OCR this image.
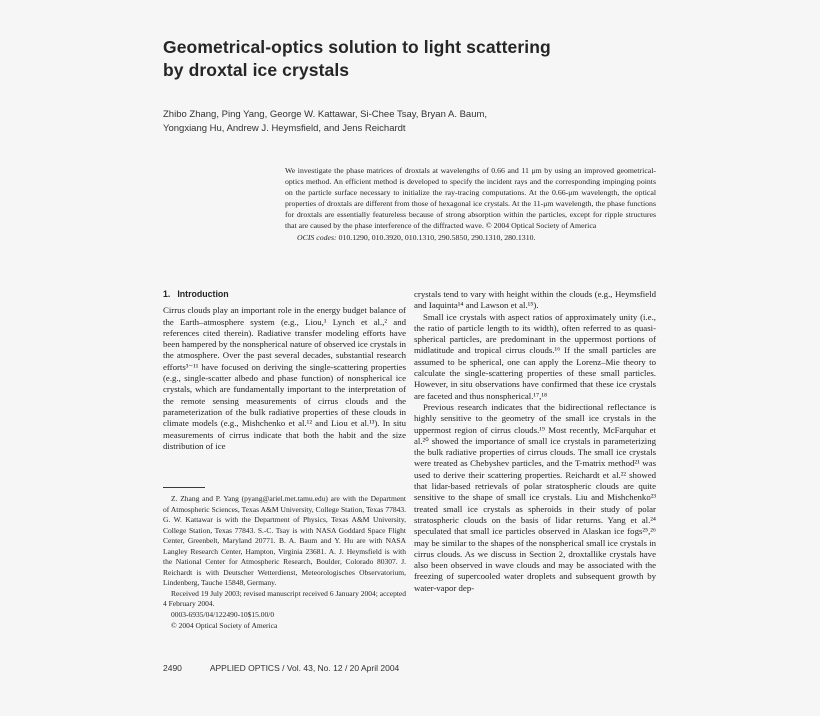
Geometrical-optics solution to light scattering
by droxtal ice crystals
Zhibo Zhang, Ping Yang, George W. Kattawar, Si-Chee Tsay, Bryan A. Baum,
Yongxiang Hu, Andrew J. Heymsfield, and Jens Reichardt
We investigate the phase matrices of droxtals at wavelengths of 0.66 and 11 μm by using an improved geometrical-optics method. An efficient method is developed to specify the incident rays and the corresponding impinging points on the particle surface necessary to initialize the ray-tracing computations. At the 0.66-μm wavelength, the optical properties of droxtals are different from those of hexagonal ice crystals. At the 11-μm wavelength, the phase functions for droxtals are essentially featureless because of strong absorption within the particles, except for ripple structures that are caused by the phase interference of the diffracted wave. © 2004 Optical Society of America
OCIS codes: 010.1290, 010.3920, 010.1310, 290.5850, 290.1310, 280.1310.
1. Introduction

Cirrus clouds play an important role in the energy budget balance of the Earth–atmosphere system (e.g., Liou,¹ Lynch et al.,² and references cited therein). Radiative transfer modeling efforts have been hampered by the nonspherical nature of observed ice crystals in the atmosphere. Over the past several decades, substantial research efforts³⁻¹¹ have focused on deriving the single-scattering properties (e.g., single-scatter albedo and phase function) of nonspherical ice crystals, which are fundamentally important to the interpretation of the remote sensing measurements of cirrus clouds and the parameterization of the bulk radiative properties of these clouds in climate models (e.g., Mishchenko et al.¹² and Liou et al.¹³). In situ measurements of cirrus indicate that both the habit and the size distribution of ice

crystals tend to vary with height within the clouds (e.g., Heymsfield and Iaquinta¹⁴ and Lawson et al.¹⁵).

Small ice crystals with aspect ratios of approximately unity (i.e., the ratio of particle length to its width), often referred to as quasi-spherical particles, are predominant in the uppermost portions of midlatitude and tropical cirrus clouds.¹⁶ If the small particles are assumed to be spherical, one can apply the Lorenz–Mie theory to calculate the single-scattering properties of these small particles. However, in situ observations have confirmed that these ice crystals are faceted and thus nonspherical.¹⁷,¹⁸

Previous research indicates that the bidirectional reflectance is highly sensitive to the geometry of the small ice crystals in the uppermost region of cirrus clouds.¹⁹ Most recently, McFarquhar et al.²⁰ showed the importance of small ice crystals in parameterizing the bulk radiative properties of cirrus clouds. The small ice crystals were treated as Chebyshev particles, and the T-matrix method²¹ was used to derive their scattering properties. Reichardt et al.²² showed that lidar-based retrievals of polar stratospheric clouds are quite sensitive to the shape of small ice crystals. Liu and Mishchenko²³ treated small ice crystals as spheroids in their study of polar stratospheric clouds on the basis of lidar returns. Yang et al.²⁴ speculated that small ice particles observed in Alaskan ice fogs²⁵,²⁶ may be similar to the shapes of the nonspherical small ice crystals in cirrus clouds. As we discuss in Section 2, droxtallike crystals have also been observed in wave clouds and may be associated with the freezing of supercooled water droplets and subsequent growth by water-vapor dep-

Z. Zhang and P. Yang (pyang@ariel.met.tamu.edu) are with the Department of Atmospheric Sciences, Texas A&M University, College Station, Texas 77843. G. W. Kattawar is with the Department of Physics, Texas A&M University, College Station, Texas 77843. S.-C. Tsay is with NASA Goddard Space Flight Center, Greenbelt, Maryland 20771. B. A. Baum and Y. Hu are with NASA Langley Research Center, Hampton, Virginia 23681. A. J. Heymsfield is with the National Center for Atmospheric Research, Boulder, Colorado 80307. J. Reichardt is with Deutscher Wetterdienst, Meteorologisches Observatorium, Lindenberg, Tauche 15848, Germany.

Received 19 July 2003; revised manuscript received 6 January 2004; accepted 4 February 2004.

0003-6935/04/122490-10$15.00/0

© 2004 Optical Society of America

2490	APPLIED OPTICS / Vol. 43, No. 12 / 20 April 2004
